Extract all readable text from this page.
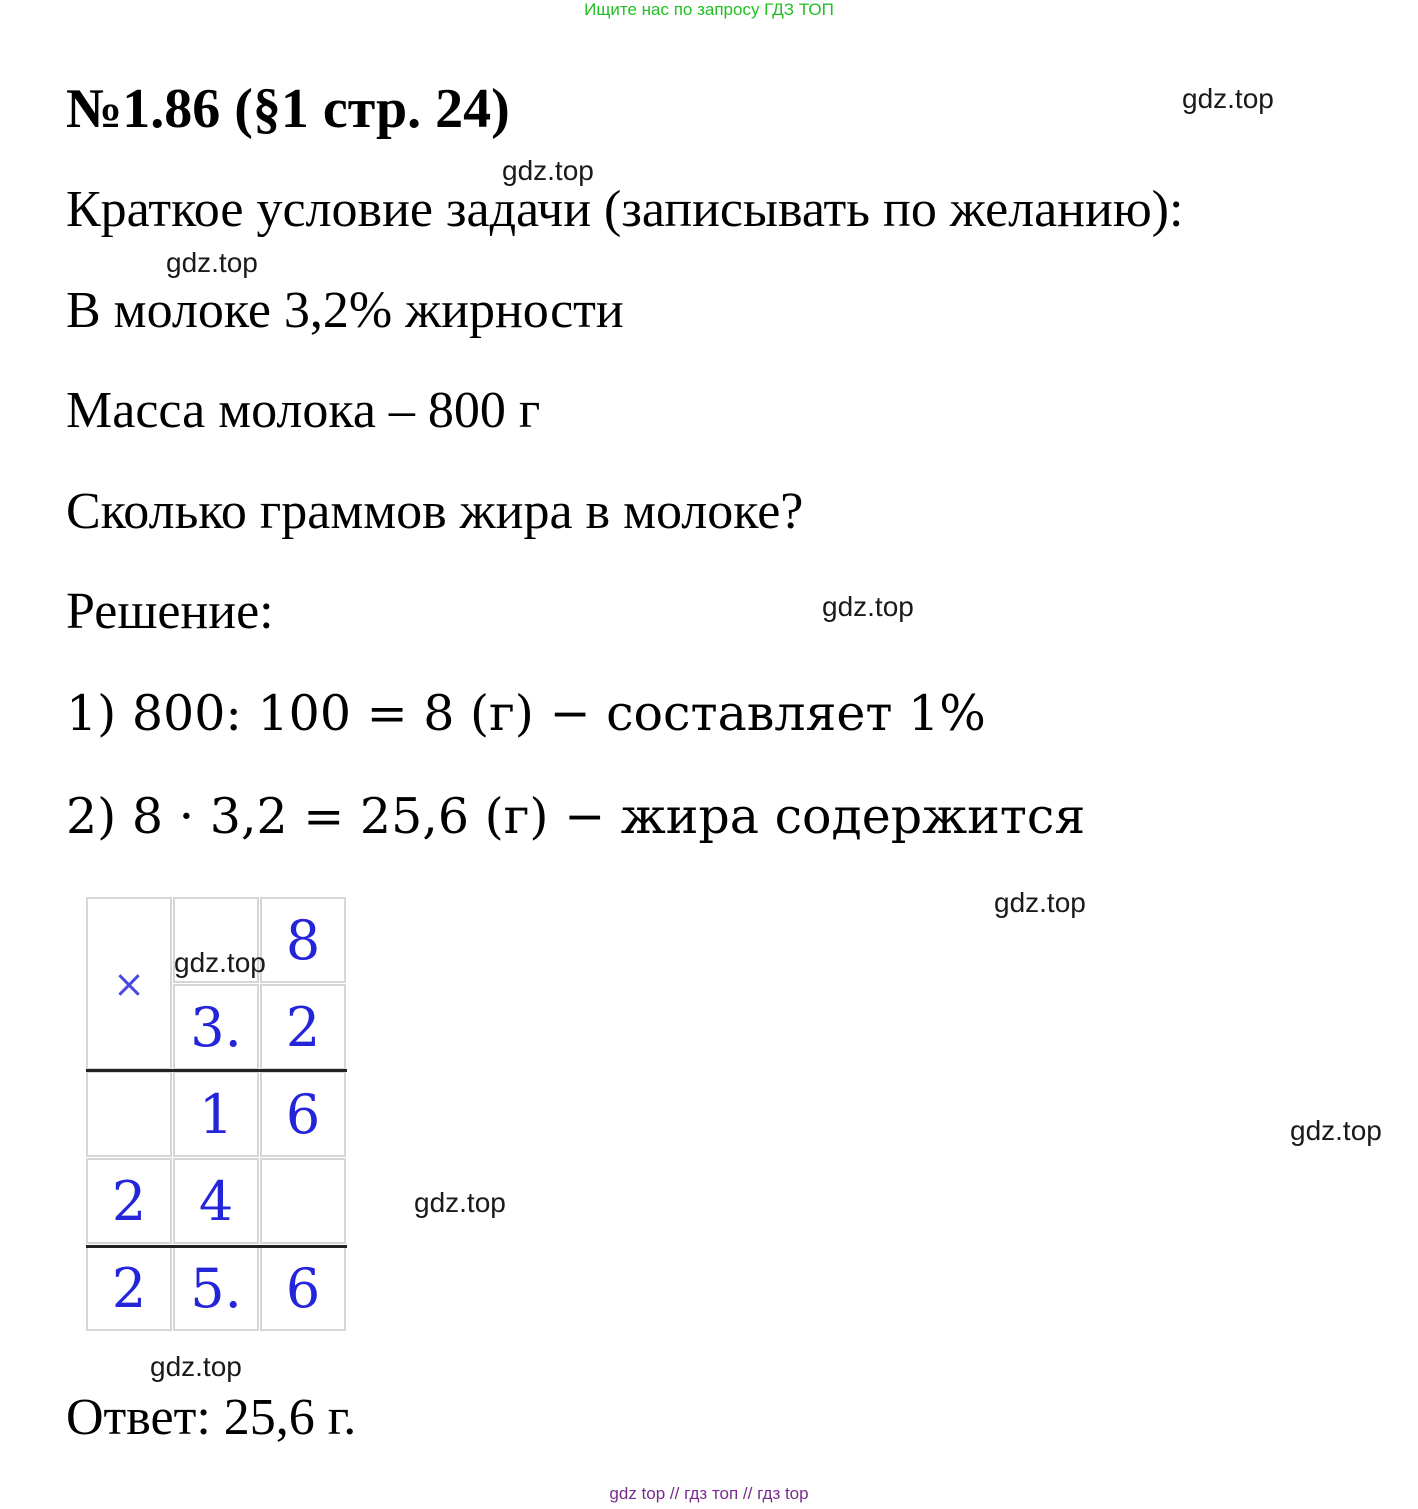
Ищите нас по запросу ГДЗ ТОП
№1.86 (§1 стр. 24)
Краткое условие задачи (записывать по желанию):
В молоке 3,2% жирности
Масса молока – 800 г
Сколько граммов жира в молоке?
Решение:
1) 800: 100 = 8 (г) − составляет 1%
2) 8 · 3,2 = 25,6 (г) − жира содержится
×
8
3. 2
1 6
2 4
2 5. 6
Ответ: 25,6 г.
gdz.top
gdz.top
gdz.top
gdz.top
gdz.top
gdz.top
gdz.top
gdz.top
gdz.top
gdz top // гдз топ // гдз top
